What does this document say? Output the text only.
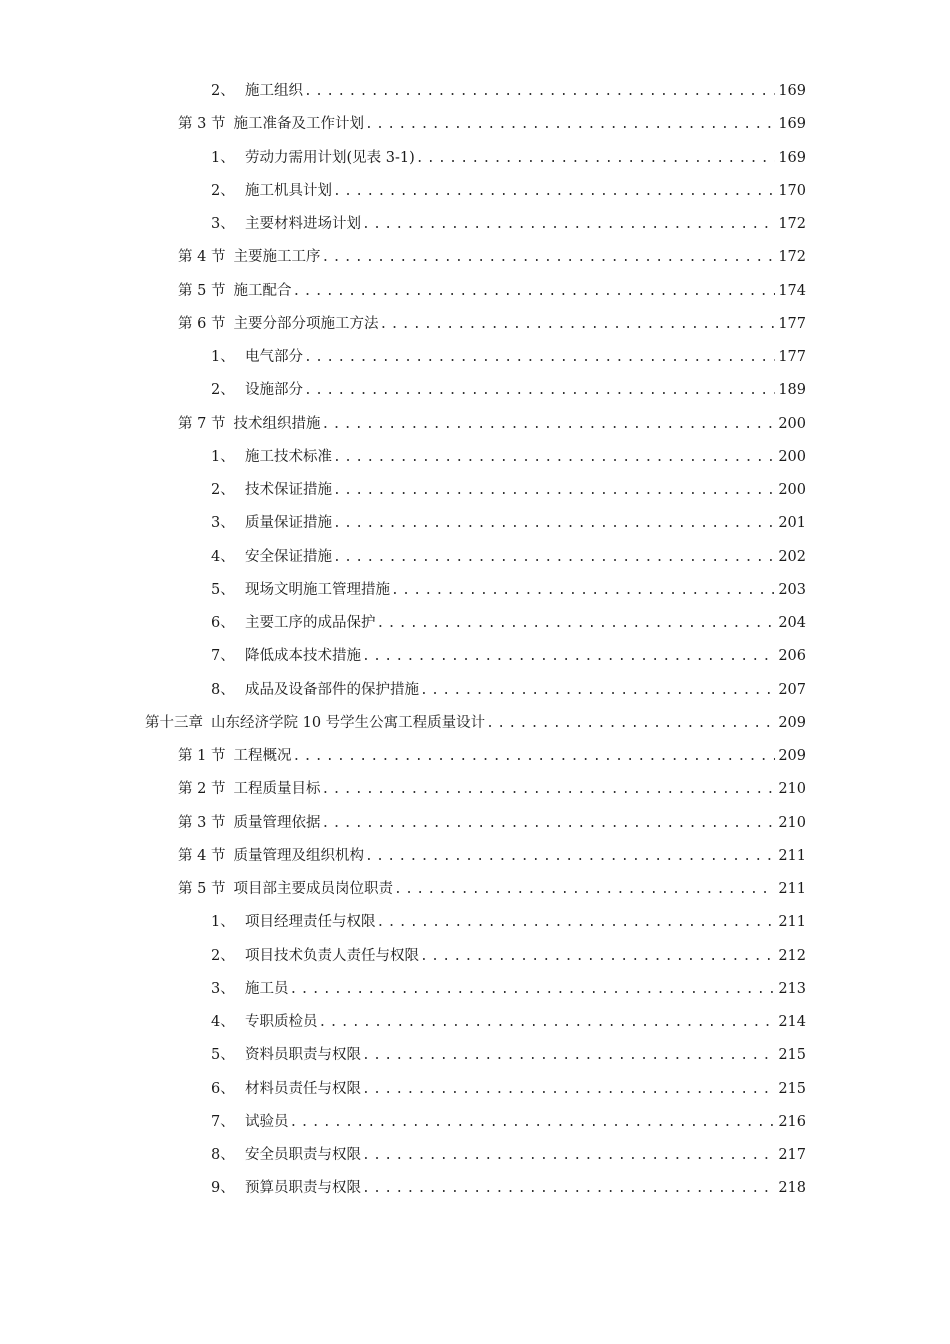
2、 施工组织 .....	169
第 3 节 施工准备及工作计划 .....	169
1、 劳动力需用计划(见表 3-1) .....	169
2、 施工机具计划 .....	170
3、 主要材料进场计划 .....	172
第 4 节 主要施工工序 .....	172
第 5 节 施工配合 .....	174
第 6 节 主要分部分项施工方法 .....	177
1、 电气部分 .....	177
2、 设施部分 .....	189
第 7 节 技术组织措施 .....	200
1、 施工技术标准 .....	200
2、 技术保证措施 .....	200
3、 质量保证措施 .....	201
4、 安全保证措施 .....	202
5、 现场文明施工管理措施 .....	203
6、 主要工序的成品保护 .....	204
7、 降低成本技术措施 .....	206
8、 成品及设备部件的保护措施 .....	207
第十三章 山东经济学院 10 号学生公寓工程质量设计 .....	209
第 1 节 工程概况 .....	209
第 2 节 工程质量目标 .....	210
第 3 节 质量管理依据 .....	210
第 4 节 质量管理及组织机构 .....	211
第 5 节 项目部主要成员岗位职责 .....	211
1、 项目经理责任与权限 .....	211
2、 项目技术负责人责任与权限 .....	212
3、 施工员 .....	213
4、 专职质检员 .....	214
5、 资料员职责与权限 .....	215
6、 材料员责任与权限 .....	215
7、 试验员 .....	216
8、 安全员职责与权限 .....	217
9、 预算员职责与权限 .....	218
